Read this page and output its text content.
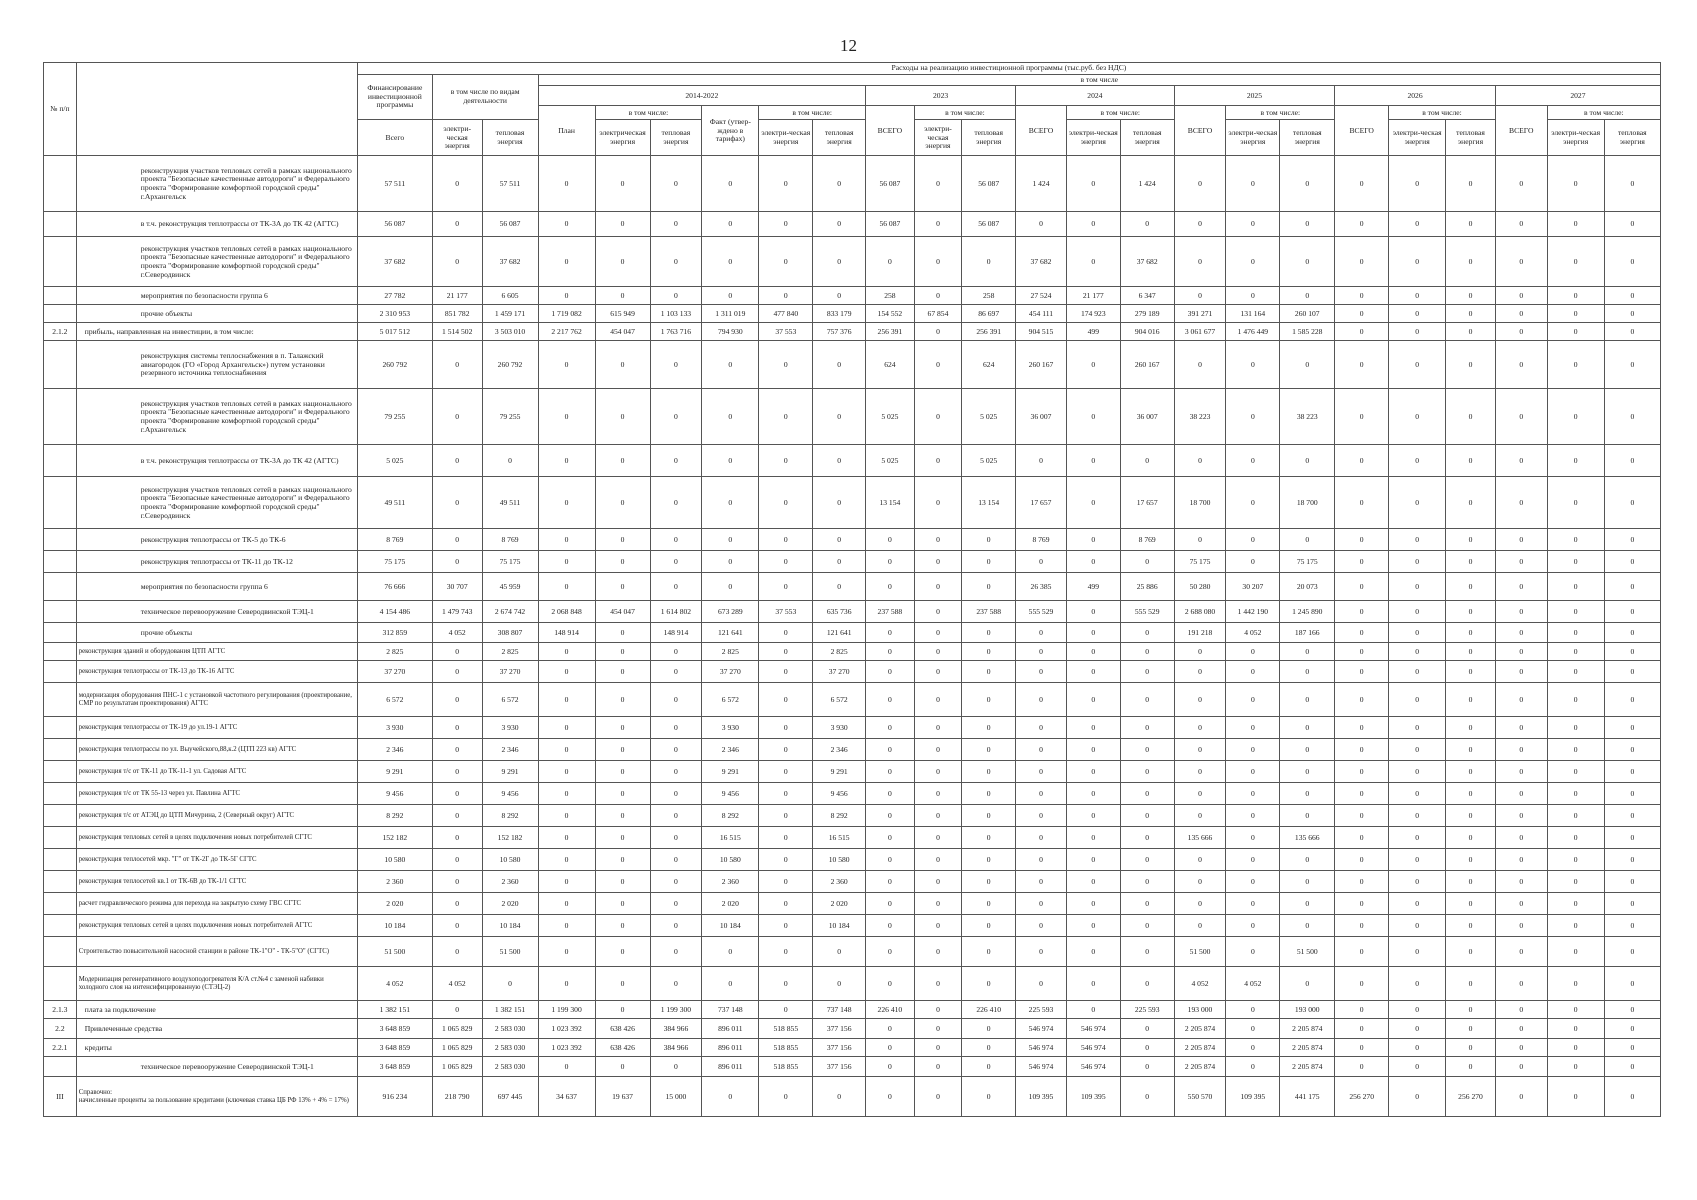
12
№ п/п		Расходы на реализацию инвестиционной программы (тыс.руб. без НДС)																							
		Финансирование инвестиционной программы	в том числе по видам деятельности		в том числе																				
					2014-2022						2023			2024			2025			2026			2027		
					План	в том числе:		Факт (утвер-ждено в тарифах)	в том числе:		ВСЕГО	в том числе:		ВСЕГО	в том числе:		ВСЕГО	в том числе:		ВСЕГО	в том числе:		ВСЕГО	в том числе:	
		Всего	электри-ческая энергия	тепловая энергия		электрическая энергия	тепловая энергия		электри-ческая энергия	тепловая энергия		электри-ческая энергия	тепловая энергия		электри-ческая энергия	тепловая энергия		электри-ческая энергия	тепловая энергия		электри-ческая энергия	тепловая энергия		электри-ческая энергия	тепловая энергия
	реконструкция участков тепловых сетей в рамках национального проекта "Безопасные качественные автодороги" и Федерального проекта "Формирование комфортной городской среды" г.Архангельск	57 511	0	57 511	0	0	0	0	0	0	56 087	0	56 087	1 424	0	1 424	0	0	0	0	0	0	0	0	0
	в т.ч. реконструкция теплотрассы от ТК-3А до ТК 42 (АГТС)	56 087	0	56 087	0	0	0	0	0	0	56 087	0	56 087	0	0	0	0	0	0	0	0	0	0	0	0
	реконструкция участков тепловых сетей в рамках национального проекта "Безопасные качественные автодороги" и Федерального проекта "Формирование комфортной городской среды" г.Северодвинск	37 682	0	37 682	0	0	0	0	0	0	0	0	0	37 682	0	37 682	0	0	0	0	0	0	0	0	0
	мероприятия по безопасности группа 6	27 782	21 177	6 605	0	0	0	0	0	0	258	0	258	27 524	21 177	6 347	0	0	0	0	0	0	0	0	0
	прочие объекты	2 310 953	851 782	1 459 171	1 719 082	615 949	1 103 133	1 311 019	477 840	833 179	154 552	67 854	86 697	454 111	174 923	279 189	391 271	131 164	260 107	0	0	0	0	0	0
2.1.2	прибыль, направленная на инвестиции, в том числе:	5 017 512	1 514 502	3 503 010	2 217 762	454 047	1 763 716	794 930	37 553	757 376	256 391	0	256 391	904 515	499	904 016	3 061 677	1 476 449	1 585 228	0	0	0	0	0	0
	реконструкция системы теплоснабжения в п. Талажский авиагородок (ГО «Город Архангельск») путем установки резервного источника теплоснабжения	260 792	0	260 792	0	0	0	0	0	0	624	0	624	260 167	0	260 167	0	0	0	0	0	0	0	0	0
	реконструкция участков тепловых сетей в рамках национального проекта "Безопасные качественные автодороги" и Федерального проекта "Формирование комфортной городской среды" г.Архангельск	79 255	0	79 255	0	0	0	0	0	0	5 025	0	5 025	36 007	0	36 007	38 223	0	38 223	0	0	0	0	0	0
	в т.ч. реконструкция теплотрассы от ТК-3А до ТК 42 (АГТС)	5 025	0	0	0	0	0	0	0	0	5 025	0	5 025	0	0	0	0	0	0	0	0	0	0	0	0
	реконструкция участков тепловых сетей в рамках национального проекта "Безопасные качественные автодороги" и Федерального проекта "Формирование комфортной городской среды" г.Северодвинск	49 511	0	49 511	0	0	0	0	0	0	13 154	0	13 154	17 657	0	17 657	18 700	0	18 700	0	0	0	0	0	0
	реконструкция теплотрассы от ТК-5 до ТК-6	8 769	0	8 769	0	0	0	0	0	0	0	0	0	8 769	0	8 769	0	0	0	0	0	0	0	0	0
	реконструкция теплотрассы от ТК-11 до ТК-12	75 175	0	75 175	0	0	0	0	0	0	0	0	0	0	0	0	75 175	0	75 175	0	0	0	0	0	0
	мероприятия по безопасности группа 6	76 666	30 707	45 959	0	0	0	0	0	0	0	0	0	26 385	499	25 886	50 280	30 207	20 073	0	0	0	0	0	0
	техническое перевооружение Северодвинской ТЭЦ-1	4 154 486	1 479 743	2 674 742	2 068 848	454 047	1 614 802	673 289	37 553	635 736	237 588	0	237 588	555 529	0	555 529	2 688 080	1 442 190	1 245 890	0	0	0	0	0	0
	прочие объекты	312 859	4 052	308 807	148 914	0	148 914	121 641	0	121 641	0	0	0	0	0	0	191 218	4 052	187 166	0	0	0	0	0	0
	реконструкция зданий и оборудования ЦТП АГТС	2 825	0	2 825	0	0	0	2 825	0	2 825	0	0	0	0	0	0	0	0	0	0	0	0	0	0	0
	реконструкция теплотрассы от ТК-13 до ТК-16 АГТС	37 270	0	37 270	0	0	0	37 270	0	37 270	0	0	0	0	0	0	0	0	0	0	0	0	0	0	0
	модернизация оборудования ПНС-1 с установкой частотного регулирования (проектирование, СМР по результатам проектирования) АГТС	6 572	0	6 572	0	0	0	6 572	0	6 572	0	0	0	0	0	0	0	0	0	0	0	0	0	0	0
	реконструкция теплотрассы от ТК-19 до ул.19-1 АГТС	3 930	0	3 930	0	0	0	3 930	0	3 930	0	0	0	0	0	0	0	0	0	0	0	0	0	0	0
	реконструкция теплотрассы по ул. Выучейского,88,к.2 (ЦТП 223 кв) АГТС	2 346	0	2 346	0	0	0	2 346	0	2 346	0	0	0	0	0	0	0	0	0	0	0	0	0	0	0
	реконструкция т/с от ТК-11 до ТК-11-1 ул. Садовая АГТС	9 291	0	9 291	0	0	0	9 291	0	9 291	0	0	0	0	0	0	0	0	0	0	0	0	0	0	0
	реконструкция т/с от ТК 55-13 через ул. Павлина АГТС	9 456	0	9 456	0	0	0	9 456	0	9 456	0	0	0	0	0	0	0	0	0	0	0	0	0	0	0
	реконструкция т/с от АТЭЦ до ЦТП Мичурина, 2 (Северный округ) АГТС	8 292	0	8 292	0	0	0	8 292	0	8 292	0	0	0	0	0	0	0	0	0	0	0	0	0	0	0
	реконструкция тепловых сетей в целях подключения новых потребителей СГТС	152 182	0	152 182	0	0	0	16 515	0	16 515	0	0	0	0	0	0	135 666	0	135 666	0	0	0	0	0	0
	реконструкция теплосетей мкр. "Г" от ТК-2Г до ТК-5Г СГТС	10 580	0	10 580	0	0	0	10 580	0	10 580	0	0	0	0	0	0	0	0	0	0	0	0	0	0	0
	реконструкция теплосетей кв.1 от ТК-6В до ТК-1/1 СГТС	2 360	0	2 360	0	0	0	2 360	0	2 360	0	0	0	0	0	0	0	0	0	0	0	0	0	0	0
	расчет гидравлического режима для перехода на закрытую схему ГВС СГТС	2 020	0	2 020	0	0	0	2 020	0	2 020	0	0	0	0	0	0	0	0	0	0	0	0	0	0	0
	реконструкция тепловых сетей в целях подключения новых потребителей АГТС	10 184	0	10 184	0	0	0	10 184	0	10 184	0	0	0	0	0	0	0	0	0	0	0	0	0	0	0
	Строительство повысительной насосной станции в районе ТК-1"О" - ТК-5"О" (СГТС)	51 500	0	51 500	0	0	0	0	0	0	0	0	0	0	0	0	51 500	0	51 500	0	0	0	0	0	0
	Модернизация регенеративного воздухоподогревателя К/А ст.№4 с заменой набивки холодного слоя на интенсифицированную (СТЭЦ-2)	4 052	4 052	0	0	0	0	0	0	0	0	0	0	0	0	0	4 052	4 052	0	0	0	0	0	0	0
2.1.3	плата за подключение	1 382 151	0	1 382 151	1 199 300	0	1 199 300	737 148	0	737 148	226 410	0	226 410	225 593	0	225 593	193 000	0	193 000	0	0	0	0	0	0
2.2	Привлеченные средства	3 648 859	1 065 829	2 583 030	1 023 392	638 426	384 966	896 011	518 855	377 156	0	0	0	546 974	546 974	0	2 205 874	0	2 205 874	0	0	0	0	0	0
2.2.1	кредиты	3 648 859	1 065 829	2 583 030	1 023 392	638 426	384 966	896 011	518 855	377 156	0	0	0	546 974	546 974	0	2 205 874	0	2 205 874	0	0	0	0	0	0
	техническое перевооружение Северодвинской ТЭЦ-1	3 648 859	1 065 829	2 583 030	0	0	0	896 011	518 855	377 156	0	0	0	546 974	546 974	0	2 205 874	0	2 205 874	0	0	0	0	0	0
III	Справочно:
начисленные проценты за пользование кредитами (ключевая ставка ЦБ РФ 13% + 4% = 17%)	916 234	218 790	697 445	34 637	19 637	15 000	0	0	0	0	0	0	109 395	109 395	0	550 570	109 395	441 175	256 270	0	256 270	0	0	0
